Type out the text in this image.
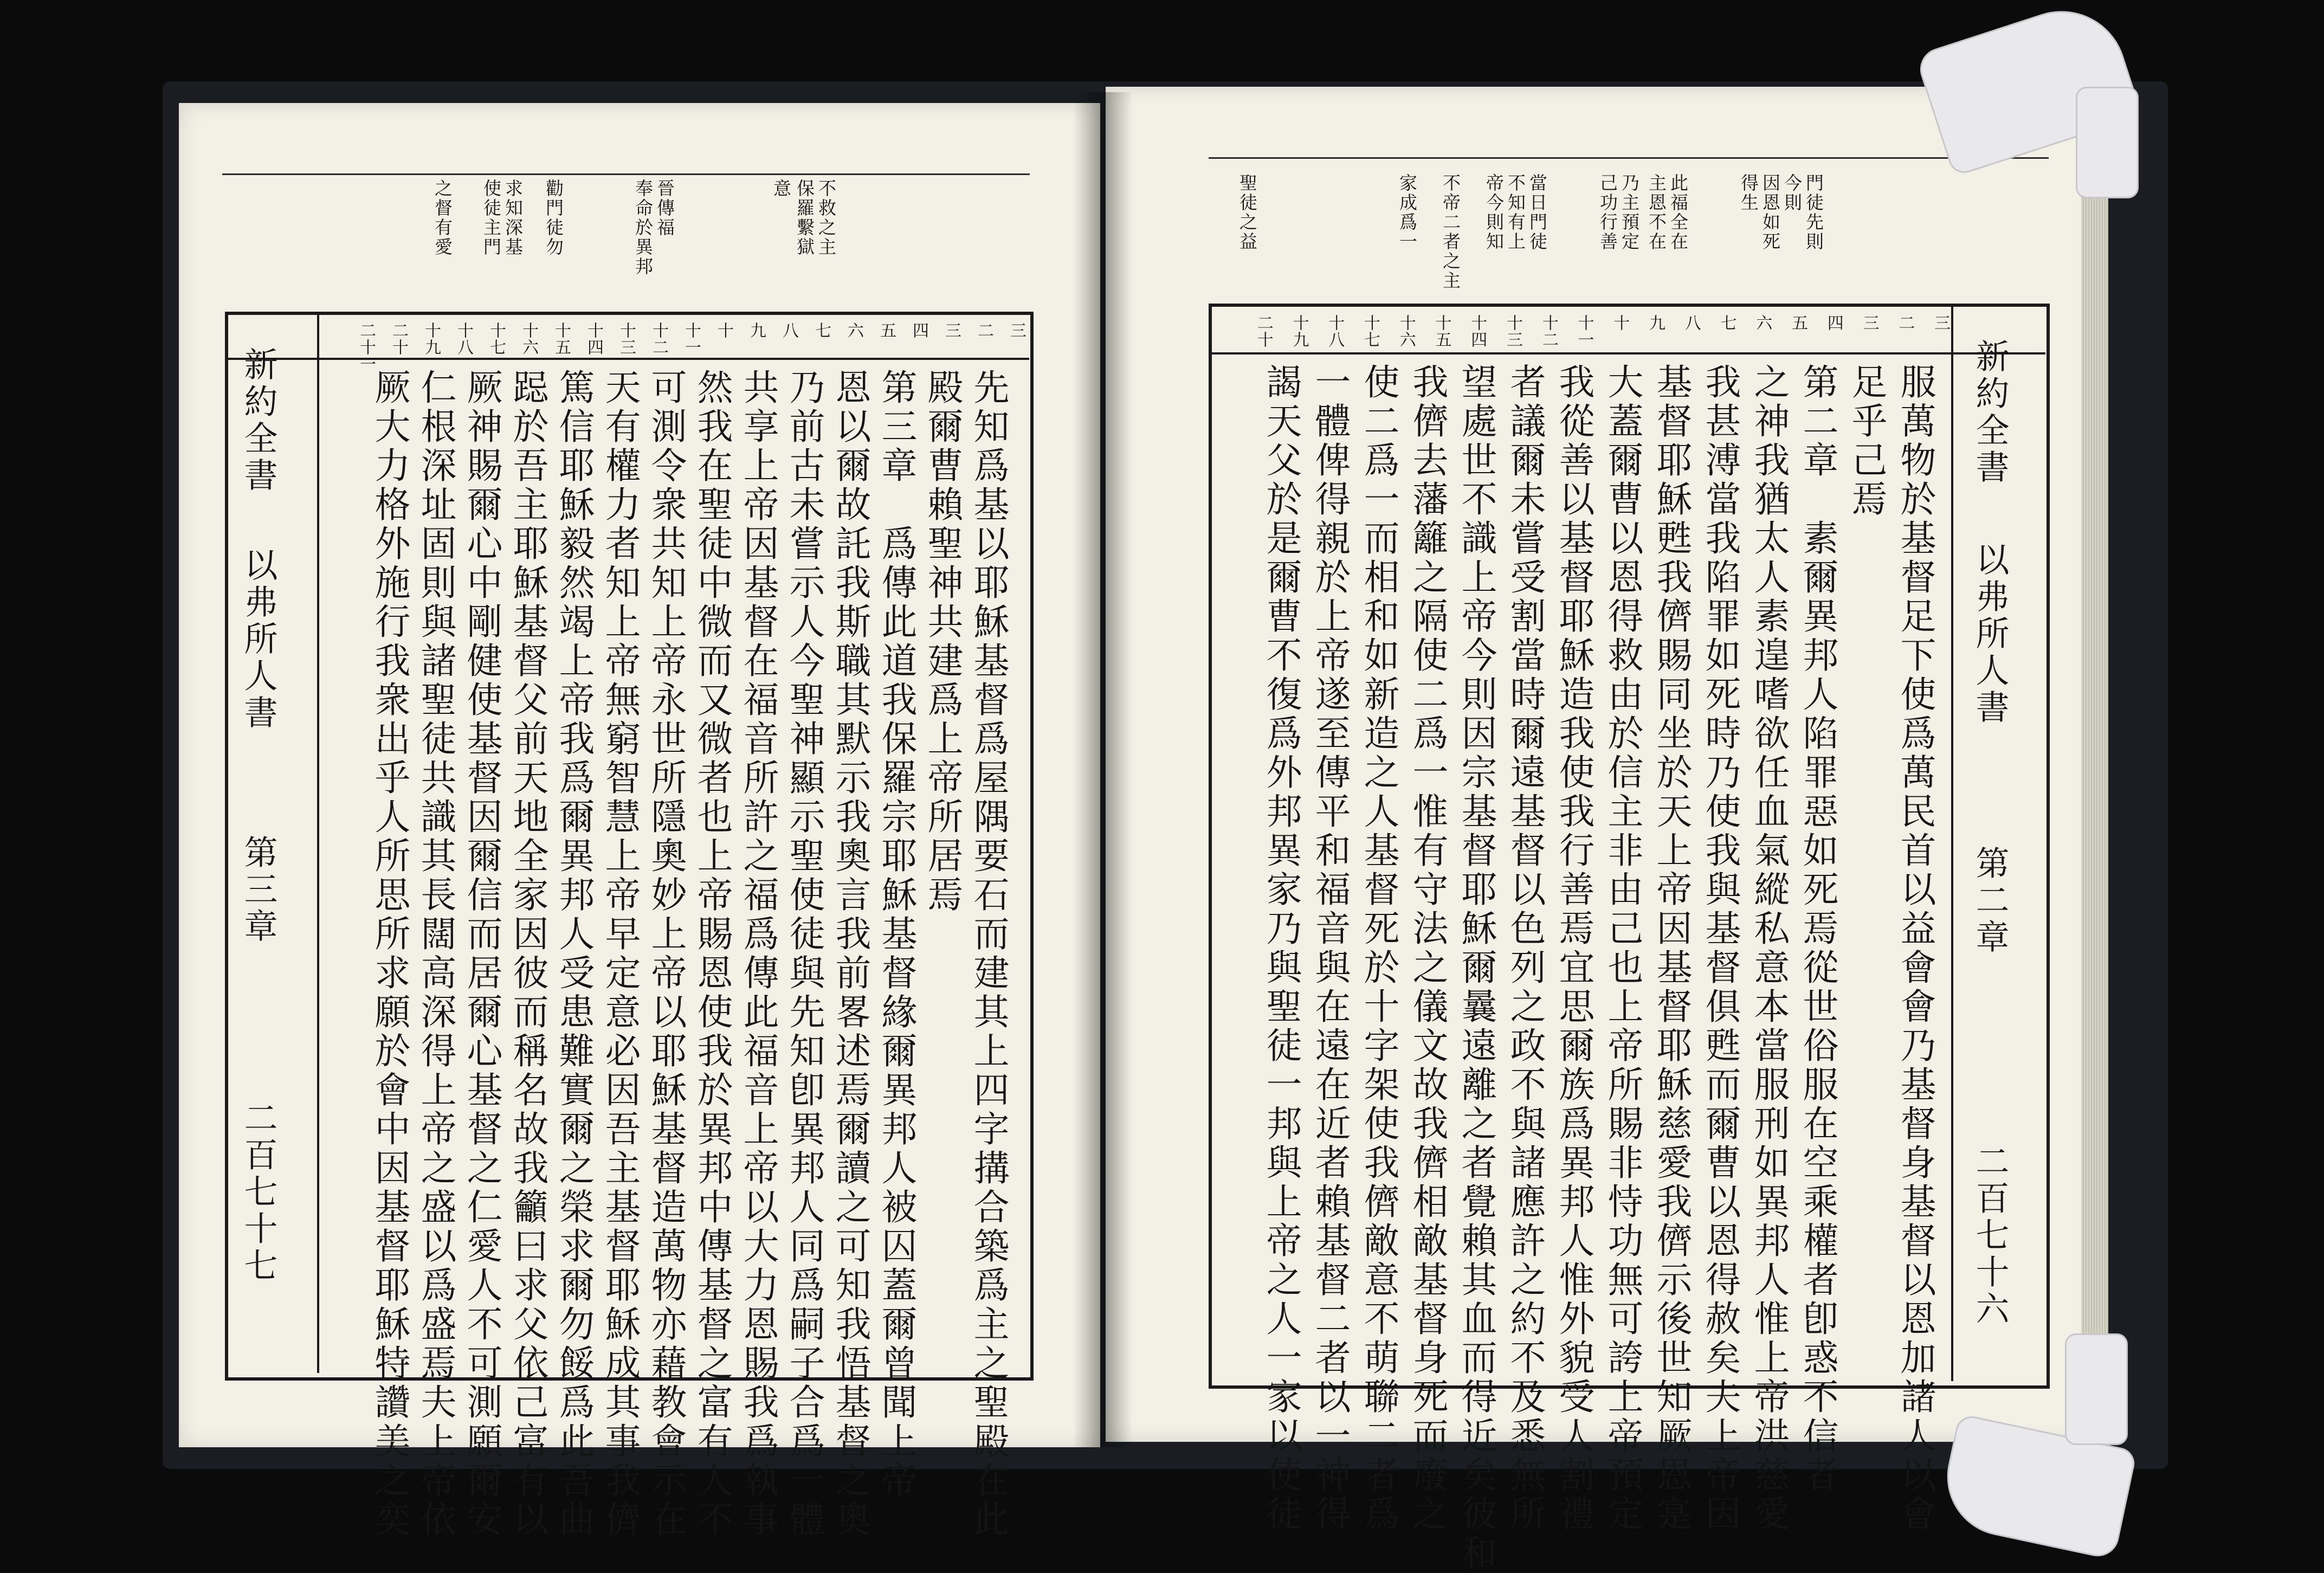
保羅繫獄 不救之主
意
奉命於異邦 晉傳福
勸門徒勿
使徒主門 求知深基
之督有愛
三
二
三
四
五
六
七
八
九
十
十一
十二
十三
十四
十五
十六
十七
十八
十九
二十
二十一
新約全書
以弗所人書
第三章
二百七十七	先知爲基以耶穌基督爲屋隅要石而建其上四字搆合築爲主之聖殿在此
殿爾曹賴聖神共建爲上帝所居焉
第三章　爲傳此道我保羅宗耶穌基督緣爾異邦人被囚蓋爾曾聞上帝
恩以爾故託我斯職其默示我奧言我前畧述焉爾讀之可知我悟基督之奧
乃前古未嘗示人今聖神顯示聖使徒與先知卽異邦人同爲嗣子合爲一體
共享上帝因基督在福音所許之福爲傳此福音上帝以大力恩賜我爲執事
然我在聖徒中微而又微者也上帝賜恩使我於異邦中傳基督之富有人不
可測令衆共知上帝永世所隱奧妙上帝以耶穌基督造萬物亦藉教會示在
天有權力者知上帝無窮智慧上帝早定意必因吾主基督耶穌成其事我儕
篤信耶穌毅然竭上帝我爲爾異邦人受患難實爾之榮求爾勿餒爲此吾曲
跽於吾主耶穌基督父前天地全家因彼而稱名故我籲曰求父依己富有以
厥神賜爾心中剛健使基督因爾信而居爾心基督之仁愛人不可測願爾安
仁根深址固則與諸聖徒共識其長闊高深得上帝之盛以爲盛焉夫上帝依
厥大力格外施行我衆出乎人所思所求願於會中因基督耶穌特讚美之奕
門徒先則
今則
因恩如死
得生
此福全在
主恩不在
乃主預定
己功行善
當日門徒
不知有上
帝今則知
不帝二者之主
家成爲一
聖徒之益
三
二
三
四
五
六
七
八
九
十
十一
十二
十三
十四
十五
十六
十七
十八
十九
二十
新約全書
以弗所人書
第二章
二百七十六
服萬物於基督足下使爲萬民首以益會會乃基督身基督以恩加諸人以會
足乎己焉
第二章　素爾異邦人陷罪惡如死焉從世俗服在空乘權者卽惑不信者
之神我猶太人素遑嗜欲任血氣縱私意本當服刑如異邦人惟上帝洪慈愛
我甚溥當我陷罪如死時乃使我與基督俱甦而爾曹以恩得赦矣夫上帝因
基督耶穌甦我儕賜同坐於天上帝因基督耶穌慈愛我儕示後世知厥恩寔
大蓋爾曹以恩得救由於信主非由己也上帝所賜非恃功無可誇上帝預定
我從善以基督耶穌造我使我行善焉宜思爾族爲異邦人惟外貌受人割禮
者議爾未嘗受割當時爾遠基督以色列之政不與諸應許之約不及悉無所
望處世不識上帝今則因宗基督耶穌爾曩遠離之者覺賴其血而得近矣彼和
我儕去藩籬之隔使二爲一惟有守法之儀文故我儕相敵基督身死而廢之
使二爲一而相和如新造之人基督死於十字架使我儕敵意不萌聯二者爲
一體俾得親於上帝遂至傳平和福音與在遠在近者賴基督二者以一神得
謁天父於是爾曹不復爲外邦異家乃與聖徒一邦與上帝之人一家以使徒
